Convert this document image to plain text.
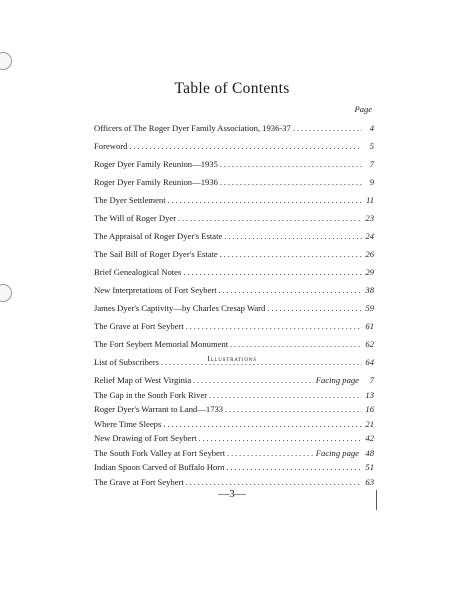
Table of Contents
Page
Officers of The Roger Dyer Family Association, 1936-37 . . .	4
Foreword . . .	5
Roger Dyer Family Reunion—1935 . . .	7
Roger Dyer Family Reunion—1936 . . .	9
The Dyer Settlement . . .	11
The Will of Roger Dyer . . .	23
The Appraisal of Roger Dyer's Estate . . .	24
The Sail Bill of Roger Dyer's Estate . . .	26
Brief Genealogical Notes . . .	29
New Interpretations of Fort Seybert . . .	38
James Dyer's Captivity—by Charles Cresap Ward . . .	59
The Grave at Fort Seybert . . .	61
The Fort Seybert Memorial Monument . . .	62
List of Subscribers . . .	64
Illustrations
Relief Map of West Virginia . . .	Facing page	7
The Gap in the South Fork River . . .	13
Roger Dyer's Warrant to Land—1733 . . .	16
Where Time Sleeps . . .	21
New Drawing of Fort Seybert . . .	42
The South Fork Valley at Fort Seybert . . .	Facing page 48
Indian Spoon Carved of Buffalo Horn . . .	51
The Grave at Fort Seybert . . .	63
—3—
